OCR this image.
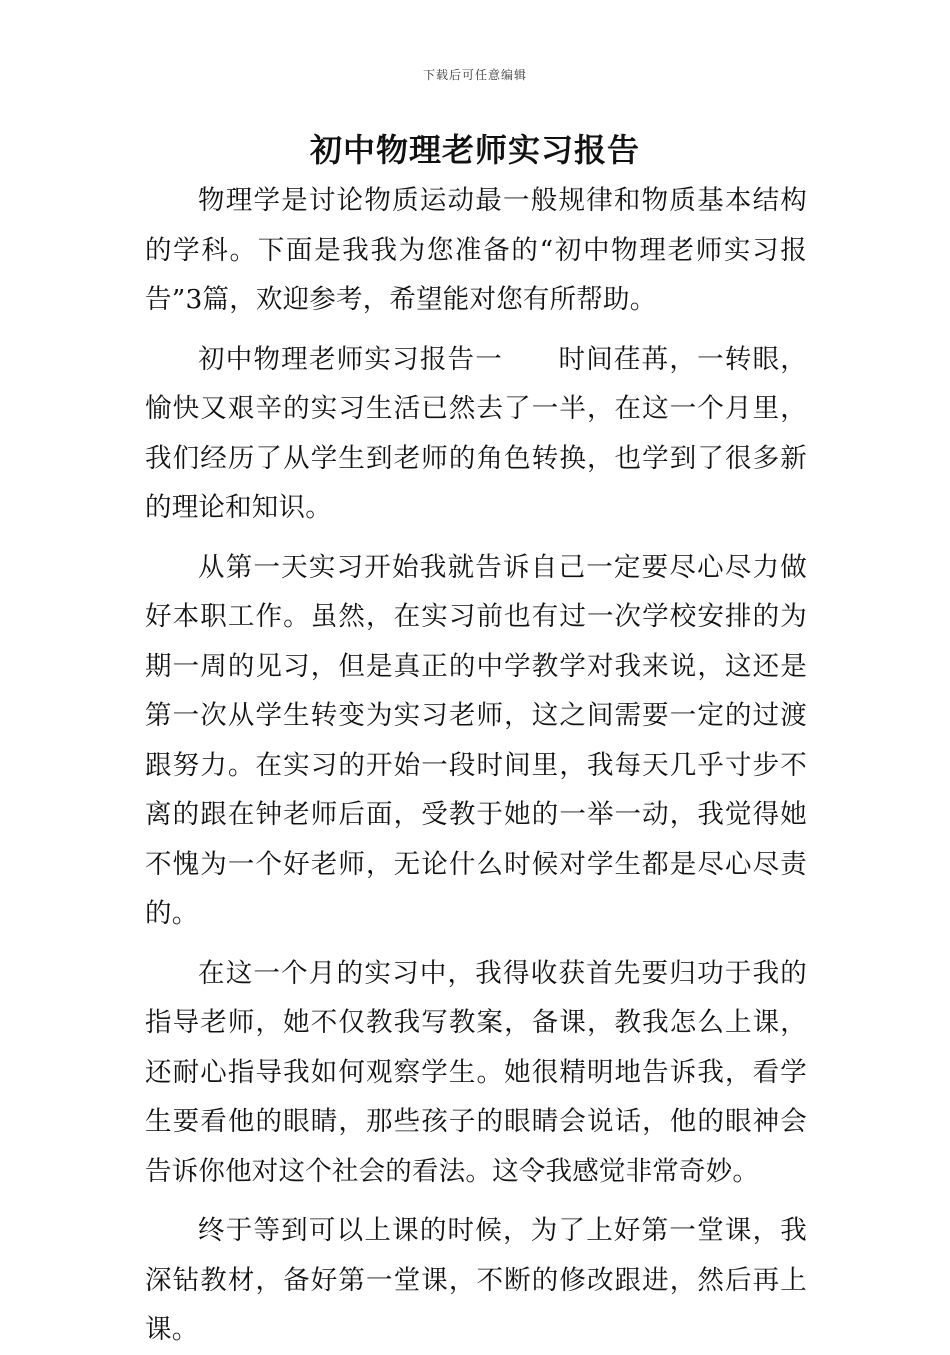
下载后可任意编辑
初中物理老师实习报告

物理学是讨论物质运动最一般规律和物质基本结构的学科。下面是我我为您准备的“初中物理老师实习报告”3篇，欢迎参考，希望能对您有所帮助。

初中物理老师实习报告一　　时间荏苒，一转眼，愉快又艰辛的实习生活已然去了一半，在这一个月里，我们经历了从学生到老师的角色转换，也学到了很多新的理论和知识。

从第一天实习开始我就告诉自己一定要尽心尽力做好本职工作。虽然，在实习前也有过一次学校安排的为期一周的见习，但是真正的中学教学对我来说，这还是第一次从学生转变为实习老师，这之间需要一定的过渡跟努力。在实习的开始一段时间里，我每天几乎寸步不离的跟在钟老师后面，受教于她的一举一动，我觉得她不愧为一个好老师，无论什么时候对学生都是尽心尽责的。

在这一个月的实习中，我得收获首先要归功于我的指导老师，她不仅教我写教案，备课，教我怎么上课，还耐心指导我如何观察学生。她很精明地告诉我，看学生要看他的眼睛，那些孩子的眼睛会说话，他的眼神会告诉你他对这个社会的看法。这令我感觉非常奇妙。

终于等到可以上课的时候，为了上好第一堂课，我深钻教材，备好第一堂课，不断的修改跟进，然后再上课。
